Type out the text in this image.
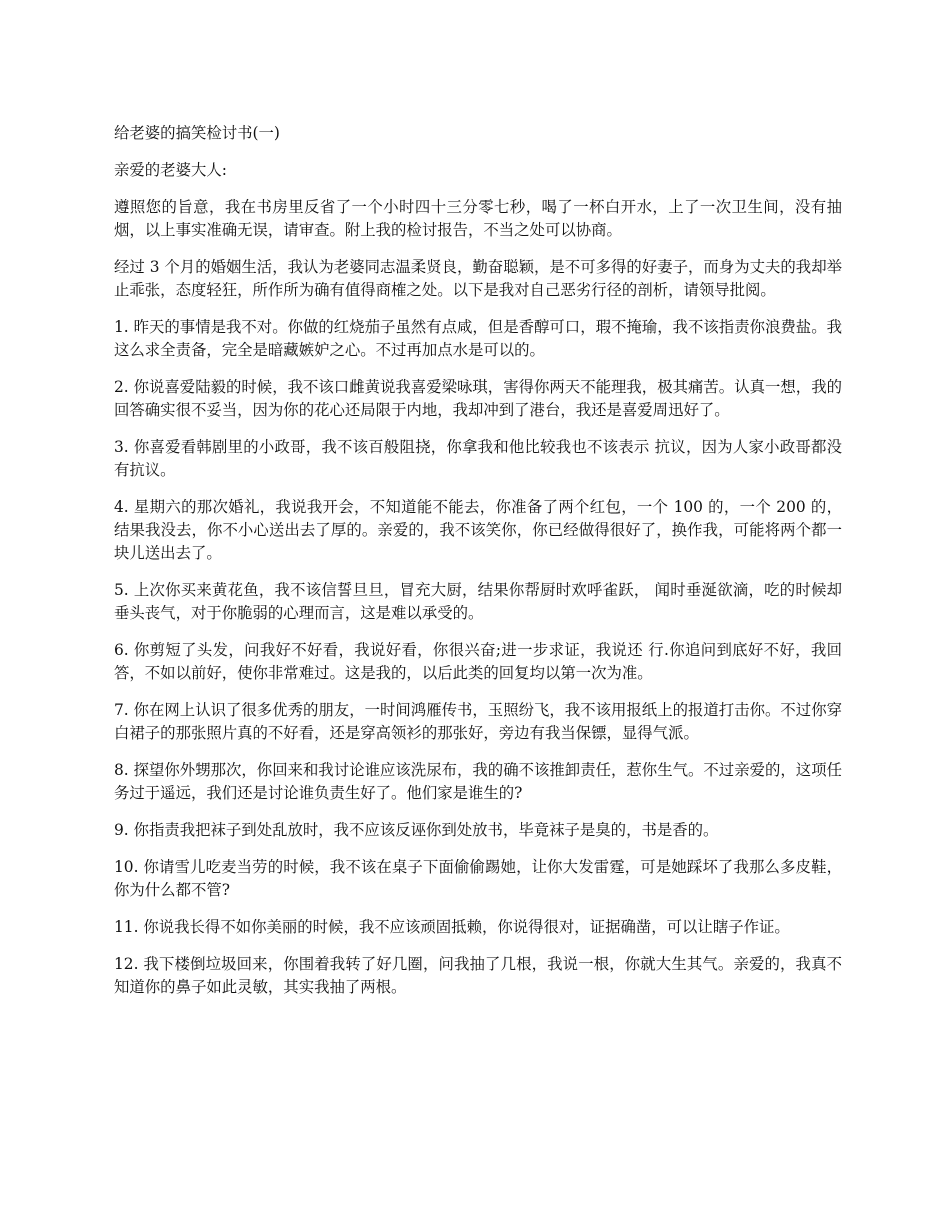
给老婆的搞笑检讨书(一)

亲爱的老婆大人:

遵照您的旨意，我在书房里反省了一个小时四十三分零七秒，喝了一杯白开水，上了一次卫生间，没有抽烟，以上事实准确无误，请审查。附上我的检讨报告，不当之处可以协商。

经过 3 个月的婚姻生活，我认为老婆同志温柔贤良，勤奋聪颖，是不可多得的好妻子，而身为丈夫的我却举止乖张，态度轻狂，所作所为确有值得商榷之处。以下是我对自己恶劣行径的剖析，请领导批阅。

1. 昨天的事情是我不对。你做的红烧茄子虽然有点咸，但是香醇可口，瑕不掩瑜，我不该指责你浪费盐。我这么求全责备，完全是暗藏嫉妒之心。不过再加点水是可以的。

2. 你说喜爱陆毅的时候，我不该口雌黄说我喜爱梁咏琪，害得你两天不能理我，极其痛苦。认真一想，我的回答确实很不妥当，因为你的花心还局限于内地，我却冲到了港台，我还是喜爱周迅好了。

3. 你喜爱看韩剧里的小政哥，我不该百般阻挠，你拿我和他比较我也不该表示 抗议，因为人家小政哥都没有抗议。

4. 星期六的那次婚礼，我说我开会，不知道能不能去，你准备了两个红包，一个 100 的，一个 200 的，结果我没去，你不小心送出去了厚的。亲爱的，我不该笑你，你已经做得很好了，换作我，可能将两个都一块儿送出去了。

5. 上次你买来黄花鱼，我不该信誓旦旦，冒充大厨，结果你帮厨时欢呼雀跃， 闻时垂涎欲滴，吃的时候却垂头丧气，对于你脆弱的心理而言，这是难以承受的。

6. 你剪短了头发，问我好不好看，我说好看，你很兴奋;进一步求证，我说还 行.你追问到底好不好，我回答，不如以前好，使你非常难过。这是我的，以后此类的回复均以第一次为准。

7. 你在网上认识了很多优秀的朋友，一时间鸿雁传书，玉照纷飞，我不该用报纸上的报道打击你。不过你穿白裙子的那张照片真的不好看，还是穿高领衫的那张好，旁边有我当保镖，显得气派。

8. 探望你外甥那次，你回来和我讨论谁应该洗尿布，我的确不该推卸责任，惹你生气。不过亲爱的，这项任务过于遥远，我们还是讨论谁负责生好了。他们家是谁生的?

9. 你指责我把袜子到处乱放时，我不应该反诬你到处放书，毕竟袜子是臭的，书是香的。

10. 你请雪儿吃麦当劳的时候，我不该在桌子下面偷偷踢她，让你大发雷霆，可是她踩坏了我那么多皮鞋，你为什么都不管?

11. 你说我长得不如你美丽的时候，我不应该顽固抵赖，你说得很对，证据确凿，可以让瞎子作证。

12. 我下楼倒垃圾回来，你围着我转了好几圈，问我抽了几根，我说一根，你就大生其气。亲爱的，我真不知道你的鼻子如此灵敏，其实我抽了两根。
